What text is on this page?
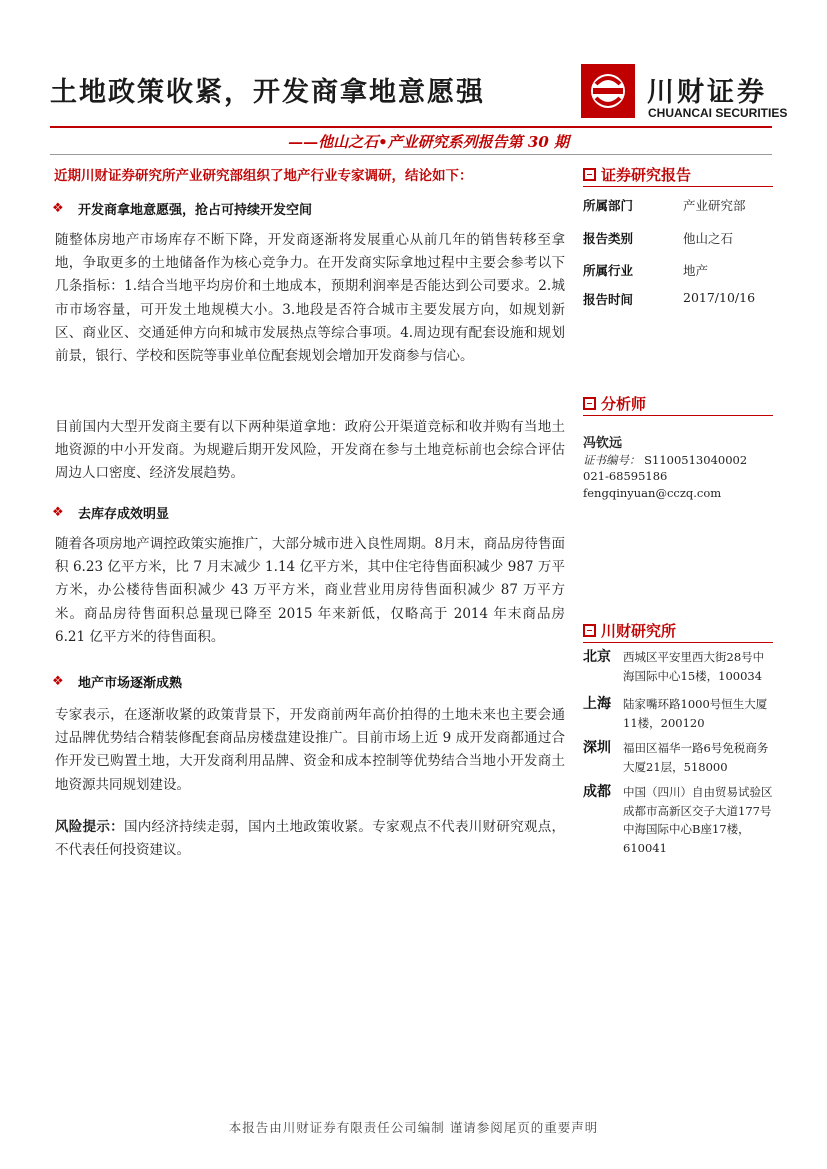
土地政策收紧，开发商拿地意愿强	川财证券
CHUANCAI SECURITIES
——他山之石•产业研究系列报告第 30 期
近期川财证券研究所产业研究部组织了地产行业专家调研，结论如下：
❖	开发商拿地意愿强，抢占可持续开发空间
随整体房地产市场库存不断下降，开发商逐渐将发展重心从前几年的销售转移至拿地，争取更多的土地储备作为核心竞争力。在开发商实际拿地过程中主要会参考以下几条指标：1.结合当地平均房价和土地成本，预期利润率是否能达到公司要求。2.城市市场容量，可开发土地规模大小。3.地段是否符合城市主要发展方向，如规划新区、商业区、交通延伸方向和城市发展热点等综合事项。4.周边现有配套设施和规划前景，银行、学校和医院等事业单位配套规划会增加开发商参与信心。
目前国内大型开发商主要有以下两种渠道拿地：政府公开渠道竞标和收并购有当地土地资源的中小开发商。为规避后期开发风险，开发商在参与土地竞标前也会综合评估周边人口密度、经济发展趋势。
❖	去库存成效明显
随着各项房地产调控政策实施推广，大部分城市进入良性周期。8月末，商品房待售面积 6.23 亿平方米，比 7 月末减少 1.14 亿平方米，其中住宅待售面积减少 987 万平方米，办公楼待售面积减少 43 万平方米，商业营业用房待售面积减少 87 万平方米。商品房待售面积总量现已降至 2015 年来新低，仅略高于 2014 年末商品房 6.21 亿平方米的待售面积。
❖	地产市场逐渐成熟
专家表示，在逐渐收紧的政策背景下，开发商前两年高价拍得的土地未来也主要会通过品牌优势结合精装修配套商品房楼盘建设推广。目前市场上近 9 成开发商都通过合作开发已购置土地，大开发商利用品牌、资金和成本控制等优势结合当地小开发商土地资源共同规划建设。
风险提示：国内经济持续走弱，国内土地政策收紧。专家观点不代表川财研究观点，不代表任何投资建议。
证券研究报告
所属部门	产业研究部
报告类别	他山之石
所属行业	地产
报告时间	2017/10/16
分析师
冯钦远
证书编号： S1100513040002
021-68595186
fengqinyuan@cczq.com
川财研究所
北京	西城区平安里西大街28号中海国际中心15楼，100034
上海	陆家嘴环路1000号恒生大厦11楼，200120
深圳	福田区福华一路6号免税商务大厦21层，518000
成都	中国（四川）自由贸易试验区成都市高新区交子大道177号中海国际中心B座17楼，610041
本报告由川财证券有限责任公司编制 谨请参阅尾页的重要声明
